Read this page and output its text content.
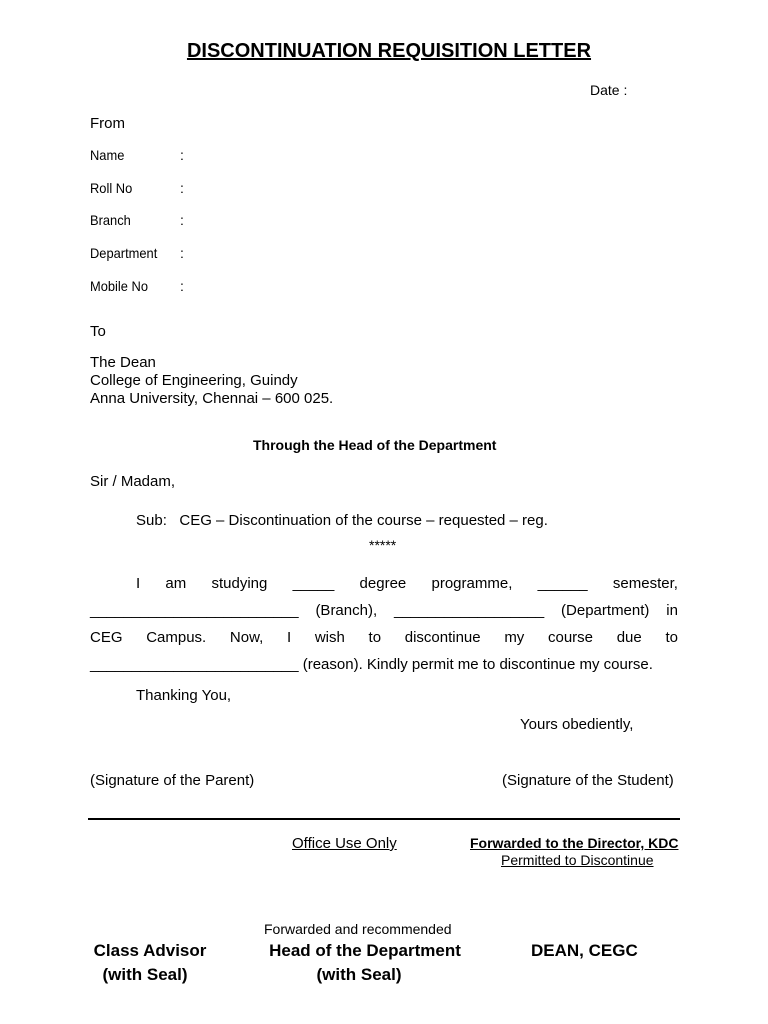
DISCONTINUATION REQUISITION LETTER
Date :
From
Name	:
Roll No	:
Branch	:
Department :
Mobile No :
To
The Dean
College of Engineering, Guindy
Anna University, Chennai – 600 025.
Through the Head of the Department
Sir / Madam,
Sub:   CEG – Discontinuation of the course – requested – reg.
*****
I am studying _____ degree programme, ______ semester,
_________________________ (Branch), __________________ (Department) in
CEG Campus. Now, I wish to discontinue my course due to
_________________________ (reason). Kindly permit me to discontinue my course.
Thanking You,
Yours obediently,
(Signature of the Parent)	(Signature of the Student)
Office Use Only	Forwarded to the Director, KDC
Permitted to Discontinue
Forwarded and recommended
Class Advisor
(with Seal)
Head of the Department
(with Seal)
DEAN, CEGC
